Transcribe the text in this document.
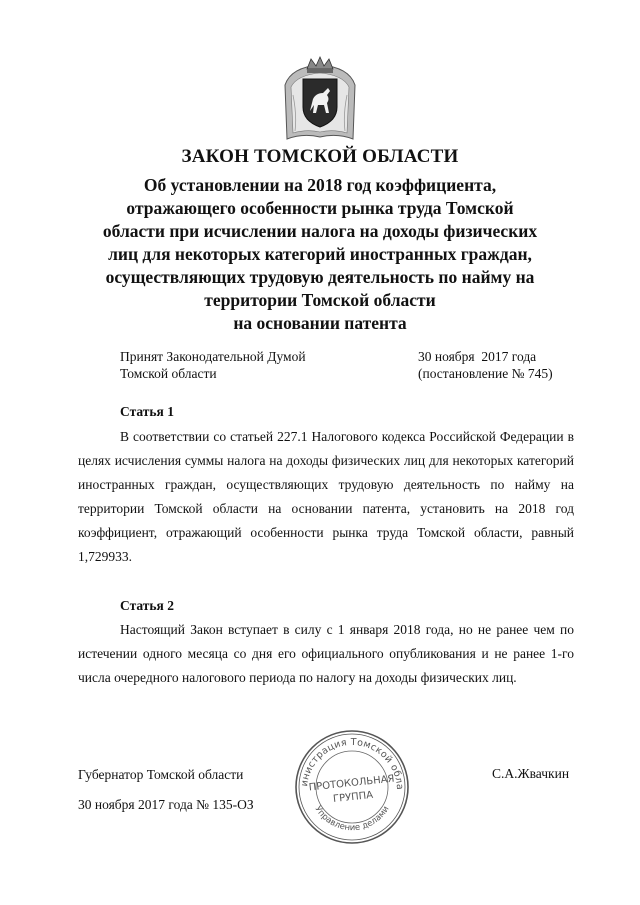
ЗАКОН ТОМСКОЙ ОБЛАСТИ
Об установлении на 2018 год коэффициента,
отражающего особенности рынка труда Томской
области при исчислении налога на доходы физических
лиц для некоторых категорий иностранных граждан,
осуществляющих трудовую деятельность по найму на
территории Томской области
на основании патента
Принят Законодательной Думой
Томской области
30 ноября  2017 года
(постановление № 745)
Статья 1
В соответствии со статьей 227.1 Налогового кодекса Российской Федерации в целях исчисления суммы налога на доходы физических лиц для некоторых категорий иностранных граждан, осуществляющих трудовую деятельность по найму на территории Томской области на основании патента, установить на 2018 год коэффициент, отражающий особенности рынка труда Томской области, равный 1,729933.
Статья 2
Настоящий Закон вступает в силу с 1 января 2018 года, но не ранее чем по истечении одного месяца со дня его официального опубликования и не ранее 1-го числа очередного налогового периода по налогу на доходы физических лиц.
Губернатор Томской области
30 ноября 2017 года № 135-ОЗ
С.А.Жвачкин
инистрация Томской обла
Управление делами
ПРОТОКОЛЬНАЯ
ГРУППА
